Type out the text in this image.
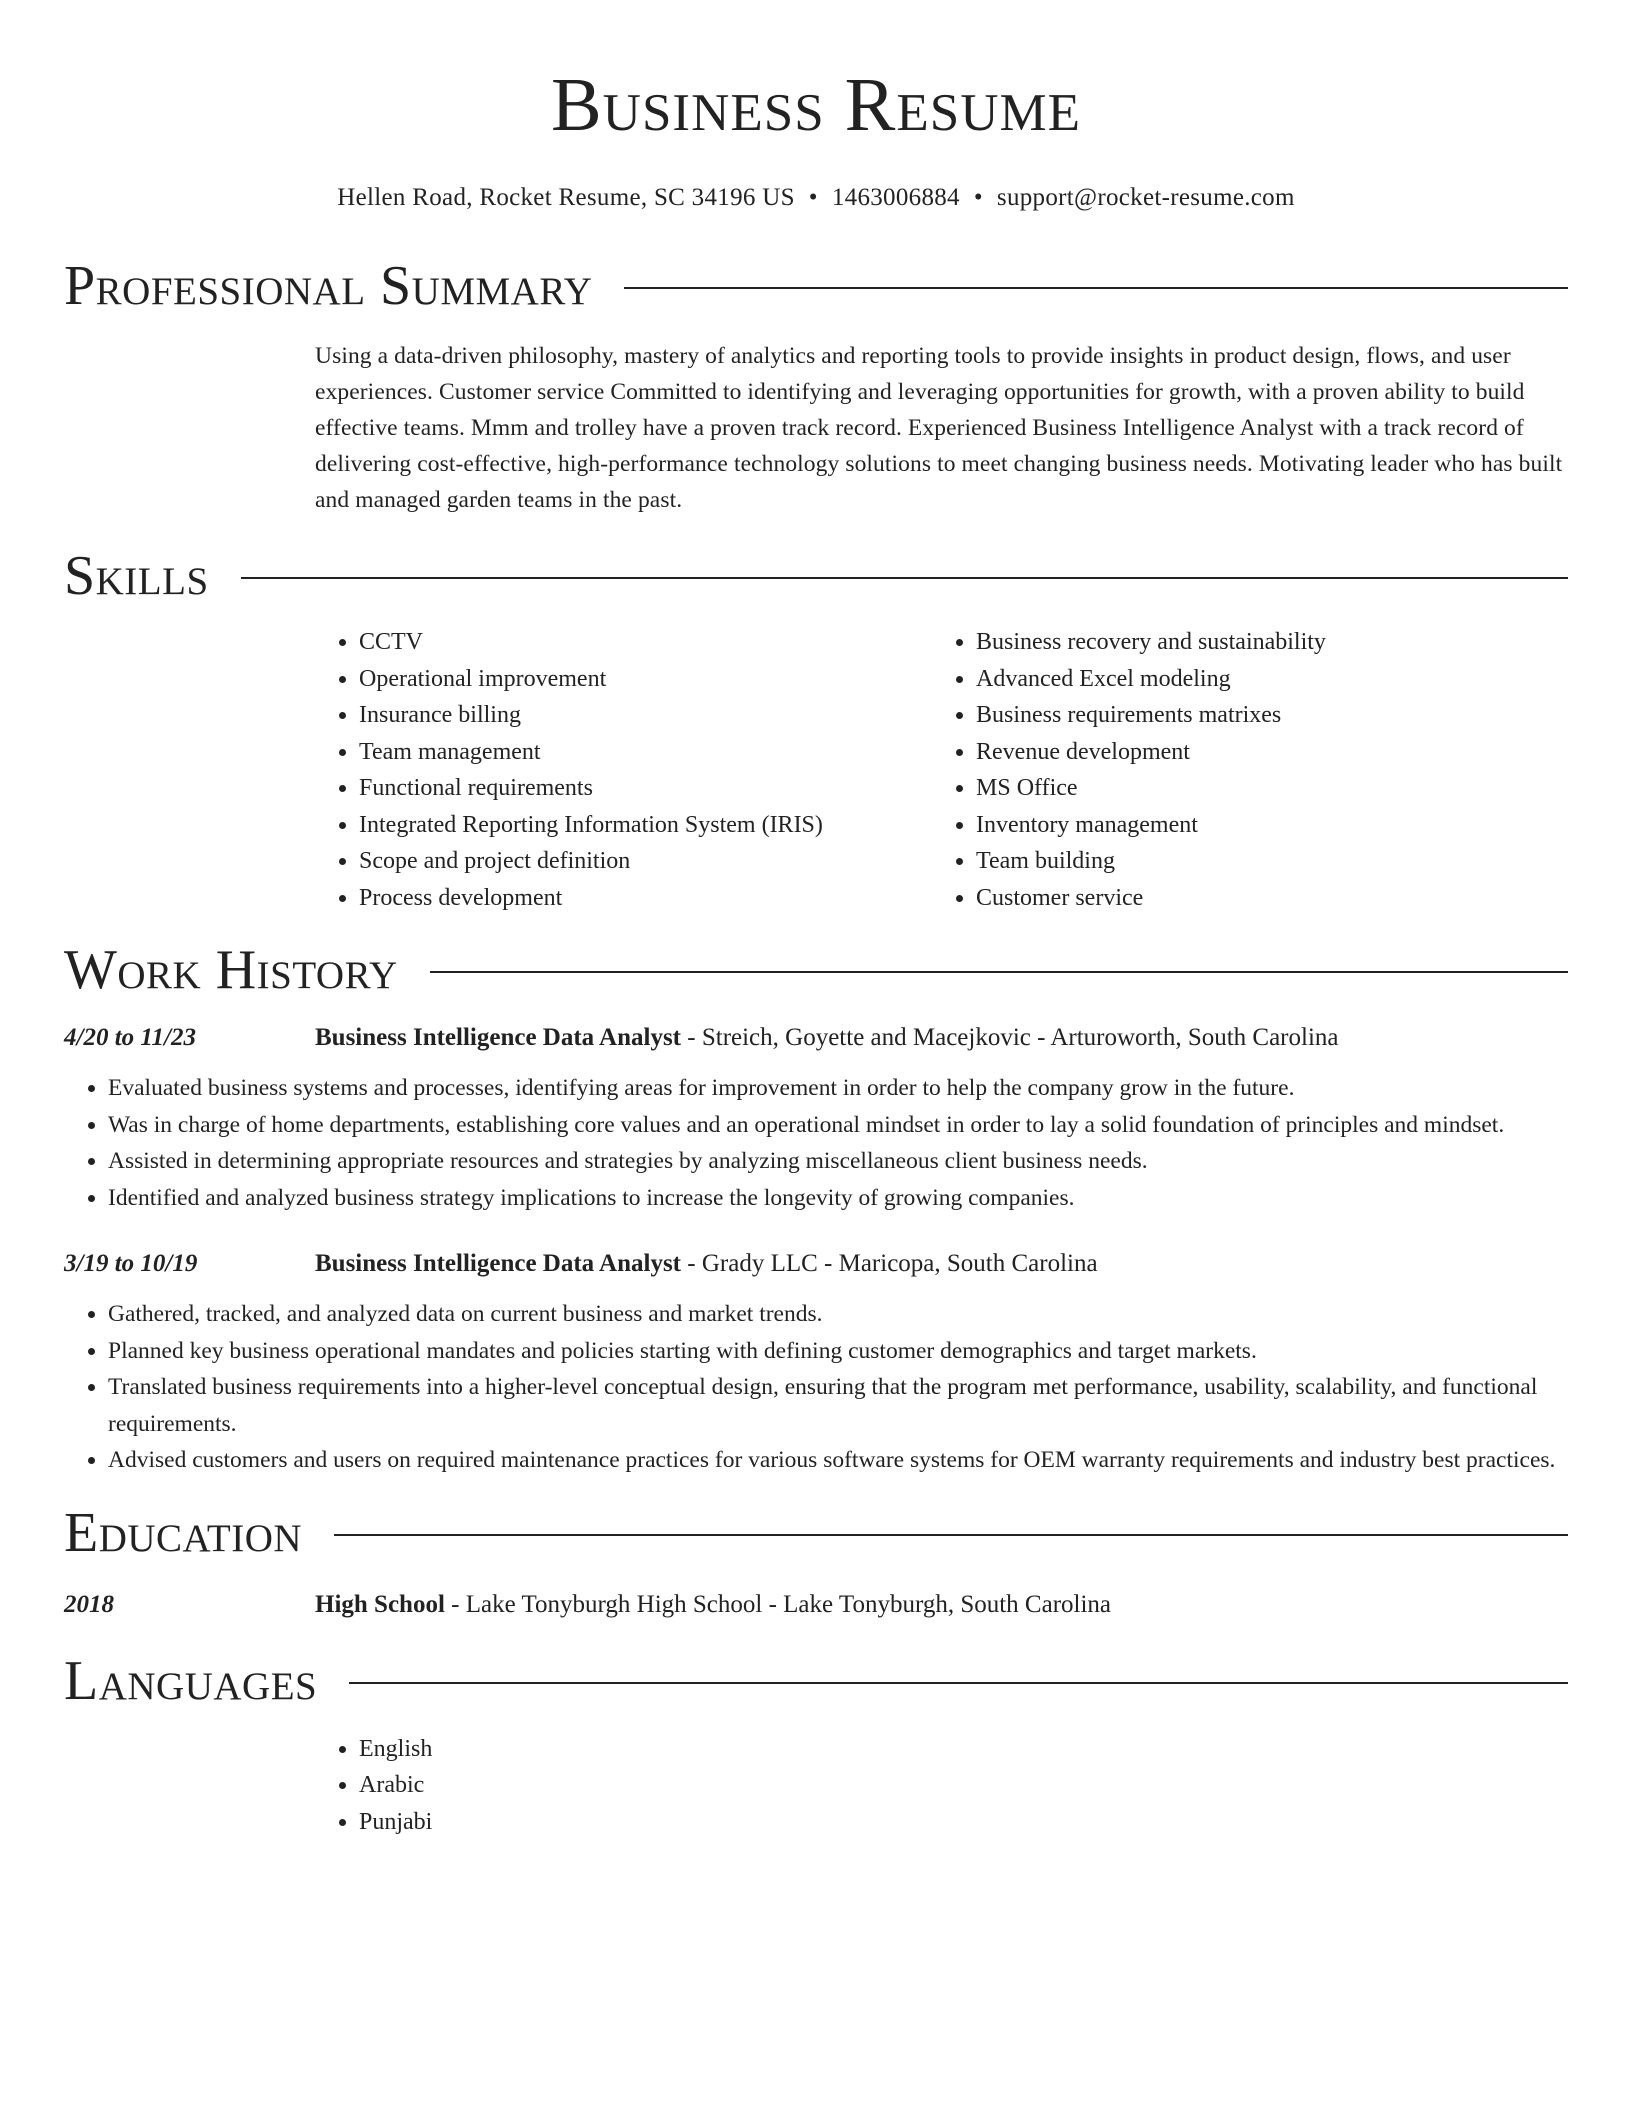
Business Resume
Hellen Road, Rocket Resume, SC 34196 US • 1463006884 • support@rocket-resume.com
Professional Summary
Using a data-driven philosophy, mastery of analytics and reporting tools to provide insights in product design, flows, and user experiences. Customer service Committed to identifying and leveraging opportunities for growth, with a proven ability to build effective teams. Mmm and trolley have a proven track record. Experienced Business Intelligence Analyst with a track record of delivering cost-effective, high-performance technology solutions to meet changing business needs. Motivating leader who has built and managed garden teams in the past.
Skills
• CCTV
• Operational improvement
• Insurance billing
• Team management
• Functional requirements
• Integrated Reporting Information System (IRIS)
• Scope and project definition
• Process development
• Business recovery and sustainability
• Advanced Excel modeling
• Business requirements matrixes
• Revenue development
• MS Office
• Inventory management
• Team building
• Customer service
Work History
4/20 to 11/23	Business Intelligence Data Analyst - Streich, Goyette and Macejkovic - Arturoworth, South Carolina
• Evaluated business systems and processes, identifying areas for improvement in order to help the company grow in the future.
• Was in charge of home departments, establishing core values and an operational mindset in order to lay a solid foundation of principles and mindset.
• Assisted in determining appropriate resources and strategies by analyzing miscellaneous client business needs.
• Identified and analyzed business strategy implications to increase the longevity of growing companies.
3/19 to 10/19	Business Intelligence Data Analyst - Grady LLC - Maricopa, South Carolina
• Gathered, tracked, and analyzed data on current business and market trends.
• Planned key business operational mandates and policies starting with defining customer demographics and target markets.
• Translated business requirements into a higher-level conceptual design, ensuring that the program met performance, usability, scalability, and functional requirements.
• Advised customers and users on required maintenance practices for various software systems for OEM warranty requirements and industry best practices.
Education
2018	High School - Lake Tonyburgh High School - Lake Tonyburgh, South Carolina
Languages
• English
• Arabic
• Punjabi
